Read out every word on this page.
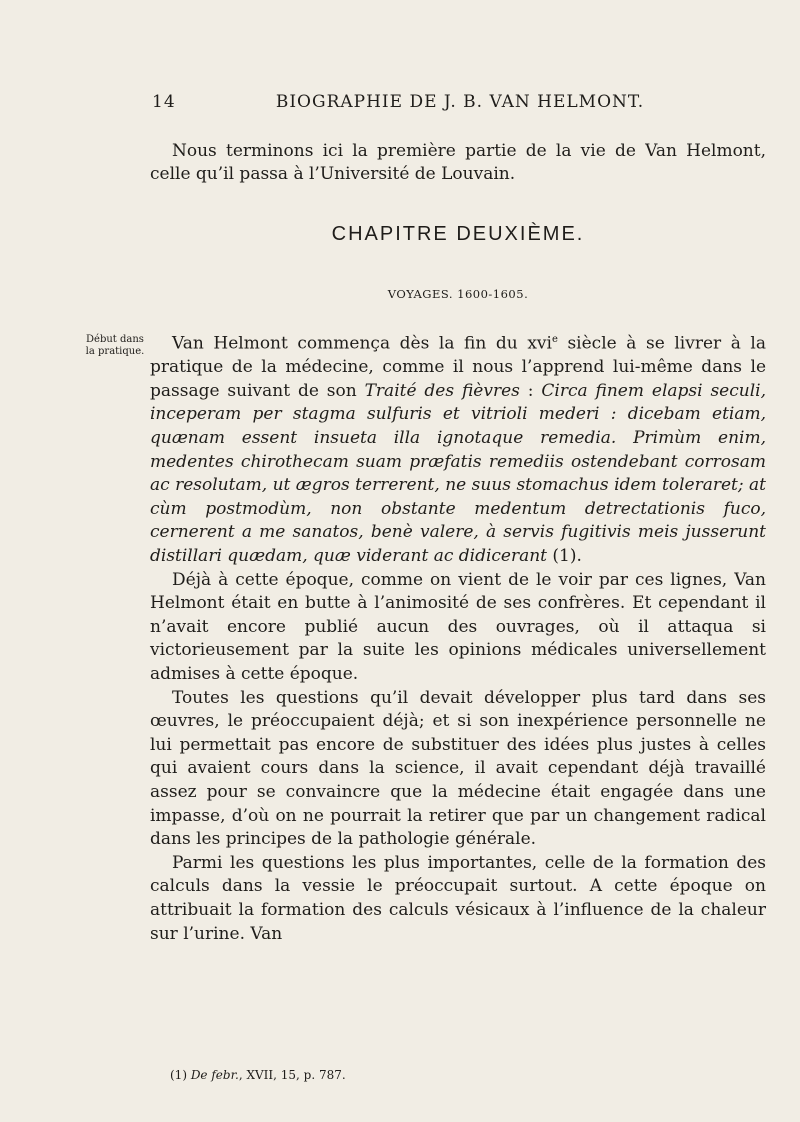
14	BIOGRAPHIE DE J. B. VAN HELMONT.
Nous terminons ici la première partie de la vie de Van Helmont, celle qu’il passa à l’Université de Louvain.
CHAPITRE DEUXIÈME.
VOYAGES. 1600-1605.
Début dans la pratique.	Van Helmont commença dès la fin du xvi$^e$ siècle à se livrer à la pratique de la médecine, comme il nous l’apprend lui-même dans le passage suivant de son Traité des fièvres : Circa finem elapsi seculi, inceperam per stagma sulfuris et vitrioli mederi : dicebam etiam, quænam essent insueta illa ignotaque remedia. Primùm enim, medentes chirothecam suam præfatis remediis ostendebant corrosam ac resolutam, ut ægros terrerent, ne suus stomachus idem toleraret; at cùm postmodùm, non obstante medentum detrectationis fuco, cernerent a me sanatos, benè valere, à servis fugitivis meis jusserunt distillari quædam, quæ viderant ac didicerant (1).

Déjà à cette époque, comme on vient de le voir par ces lignes, Van Helmont était en butte à l’animosité de ses confrères. Et cependant il n’avait encore publié aucun des ouvrages, où il attaqua si victorieusement par la suite les opinions médicales universellement admises à cette époque.

Toutes les questions qu’il devait développer plus tard dans ses œuvres, le préoccupaient déjà; et si son inexpérience personnelle ne lui permettait pas encore de substituer des idées plus justes à celles qui avaient cours dans la science, il avait cependant déjà travaillé assez pour se convaincre que la médecine était engagée dans une impasse, d’où on ne pourrait la retirer que par un changement radical dans les principes de la pathologie générale.

Parmi les questions les plus importantes, celle de la formation des calculs dans la vessie le préoccupait surtout. A cette époque on attribuait la formation des calculs vésicaux à l’influence de la chaleur sur l’urine. Van

(1) De febr., XVII, 15, p. 787.
